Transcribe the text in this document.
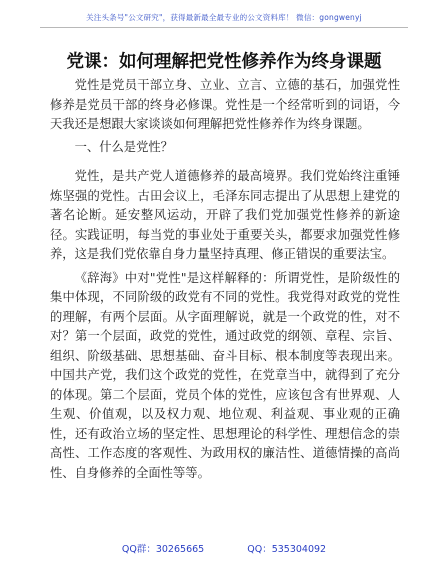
关注头条号"公文研究"，获得最新最全最专业的公文资料库！ 微信：gongwenyj
党课：如何理解把党性修养作为终身课题

党性是党员干部立身、立业、立言、立德的基石，加强党性修养是党员干部的终身必修课。党性是一个经常听到的词语，今天我还是想跟大家谈谈如何理解把党性修养作为终身课题。

一、什么是党性？

党性，是共产党人道德修养的最高境界。我们党始终注重锤炼坚强的党性。古田会议上，毛泽东同志提出了从思想上建党的著名论断。延安整风运动，开辟了我们党加强党性修养的新途径。实践证明，每当党的事业处于重要关头，都要求加强党性修养，这是我们党依靠自身力量坚持真理、修正错误的重要法宝。

《辞海》中对"党性"是这样解释的：所谓党性，是阶级性的集中体现，不同阶级的政党有不同的党性。我党得对政党的党性的理解，有两个层面。从字面理解说，就是一个政党的性，对不对？第一个层面，政党的党性，通过政党的纲领、章程、宗旨、组织、阶级基础、思想基础、奋斗目标、根本制度等表现出来。中国共产党，我们这个政党的党性，在党章当中，就得到了充分的体现。第二个层面，党员个体的党性，应该包含有世界观、人生观、价值观，以及权力观、地位观、利益观、事业观的正确性，还有政治立场的坚定性、思想理论的科学性、理想信念的崇高性、工作态度的客观性、为政用权的廉洁性、道德情操的高尚性、自身修养的全面性等等。

QQ群：30265665	QQ：535304092
